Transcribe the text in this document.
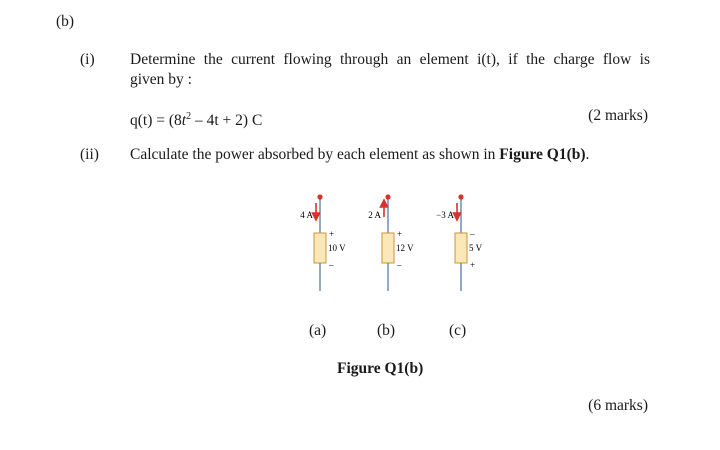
(b)
(i) Determine the current flowing through an element i(t), if the charge flow is
given by :
$q(t) = (8t^2 - 4t + 2)$ C	(2 marks)
(ii) Calculate the power absorbed by each element as shown in Figure Q1(b).
4 A
+
10 V
–
2 A
+
12 V
–
−3 A
–
5 V
+
(a)	(b)	(c)
Figure Q1(b)
(6 marks)
